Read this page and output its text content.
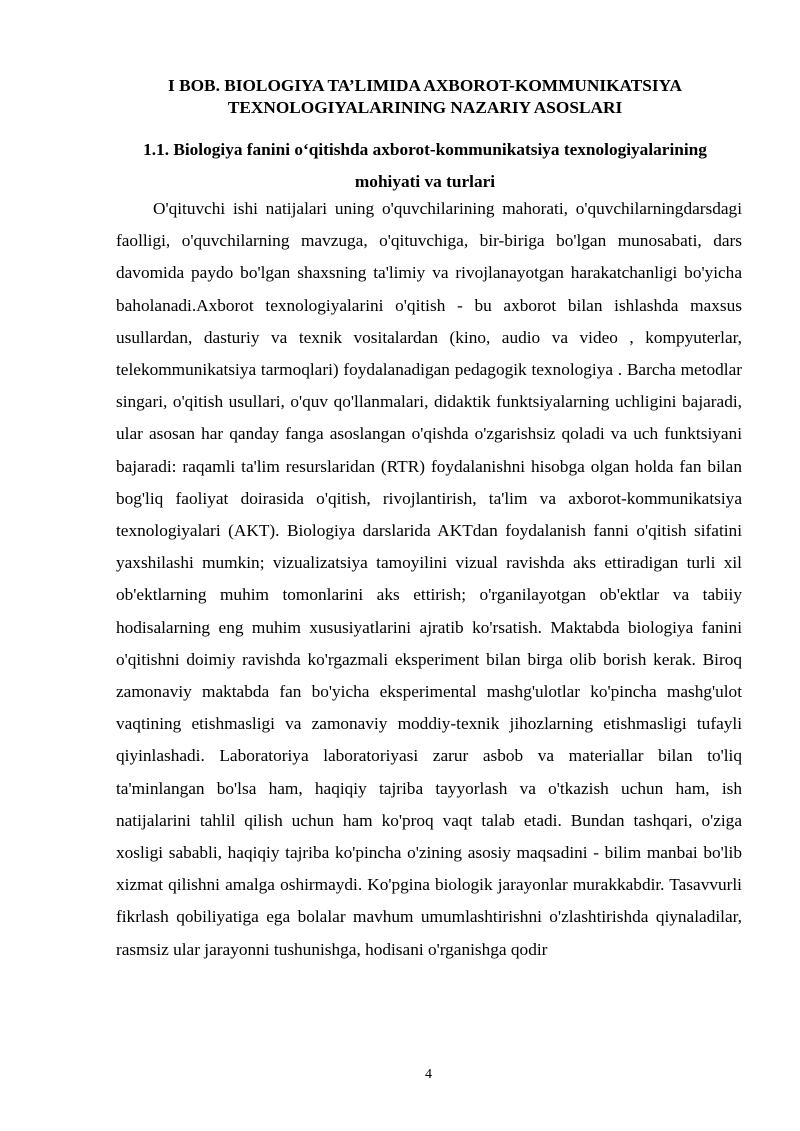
I BOB. BIOLOGIYA TA’LIMIDA AXBOROT-KOMMUNIKATSIYA TEXNOLOGIYALARINING NAZARIY ASOSLARI
1.1. Biologiya fanini o‘qitishda axborot-kommunikatsiya texnologiyalarining mohiyati va turlari

O'qituvchi ishi natijalari uning o'quvchilarining mahorati, o'quvchilarningdarsdagi faolligi, o'quvchilarning mavzuga, o'qituvchiga, bir-biriga bo'lgan munosabati, dars davomida paydo bo'lgan shaxsning ta'limiy va rivojlanayotgan harakatchanligi bo'yicha baholanadi.Axborot texnologiyalarini o'qitish - bu axborot bilan ishlashda maxsus usullardan, dasturiy va texnik vositalardan (kino, audio va video , kompyuterlar, telekommunikatsiya tarmoqlari) foydalanadigan pedagogik texnologiya . Barcha metodlar singari, o'qitish usullari, o'quv qo'llanmalari, didaktik funktsiyalarning uchligini bajaradi, ular asosan har qanday fanga asoslangan o'qishda o'zgarishsiz qoladi va uch funktsiyani bajaradi: raqamli ta'lim resurslaridan (RTR) foydalanishni hisobga olgan holda fan bilan bog'liq faoliyat doirasida o'qitish, rivojlantirish, ta'lim va axborot-kommunikatsiya texnologiyalari (AKT). Biologiya darslarida AKTdan foydalanish fanni o'qitish sifatini yaxshilashi mumkin; vizualizatsiya tamoyilini vizual ravishda aks ettiradigan turli xil ob'ektlarning muhim tomonlarini aks ettirish; o'rganilayotgan ob'ektlar va tabiiy hodisalarning eng muhim xususiyatlarini ajratib ko'rsatish. Maktabda biologiya fanini o'qitishni doimiy ravishda ko'rgazmali eksperiment bilan birga olib borish kerak. Biroq zamonaviy maktabda fan bo'yicha eksperimental mashg'ulotlar ko'pincha mashg'ulot vaqtining etishmasligi va zamonaviy moddiy-texnik jihozlarning etishmasligi tufayli qiyinlashadi. Laboratoriya laboratoriyasi zarur asbob va materiallar bilan to'liq ta'minlangan bo'lsa ham, haqiqiy tajriba tayyorlash va o'tkazish uchun ham, ish natijalarini tahlil qilish uchun ham ko'proq vaqt talab etadi. Bundan tashqari, o'ziga xosligi sababli, haqiqiy tajriba ko'pincha o'zining asosiy maqsadini - bilim manbai bo'lib xizmat qilishni amalga oshirmaydi. Ko'pgina biologik jarayonlar murakkabdir. Tasavvurli fikrlash qobiliyatiga ega bolalar mavhum umumlashtirishni o'zlashtirishda qiynaladilar, rasmsiz ular jarayonni tushunishga, hodisani o'rganishga qodir

4
